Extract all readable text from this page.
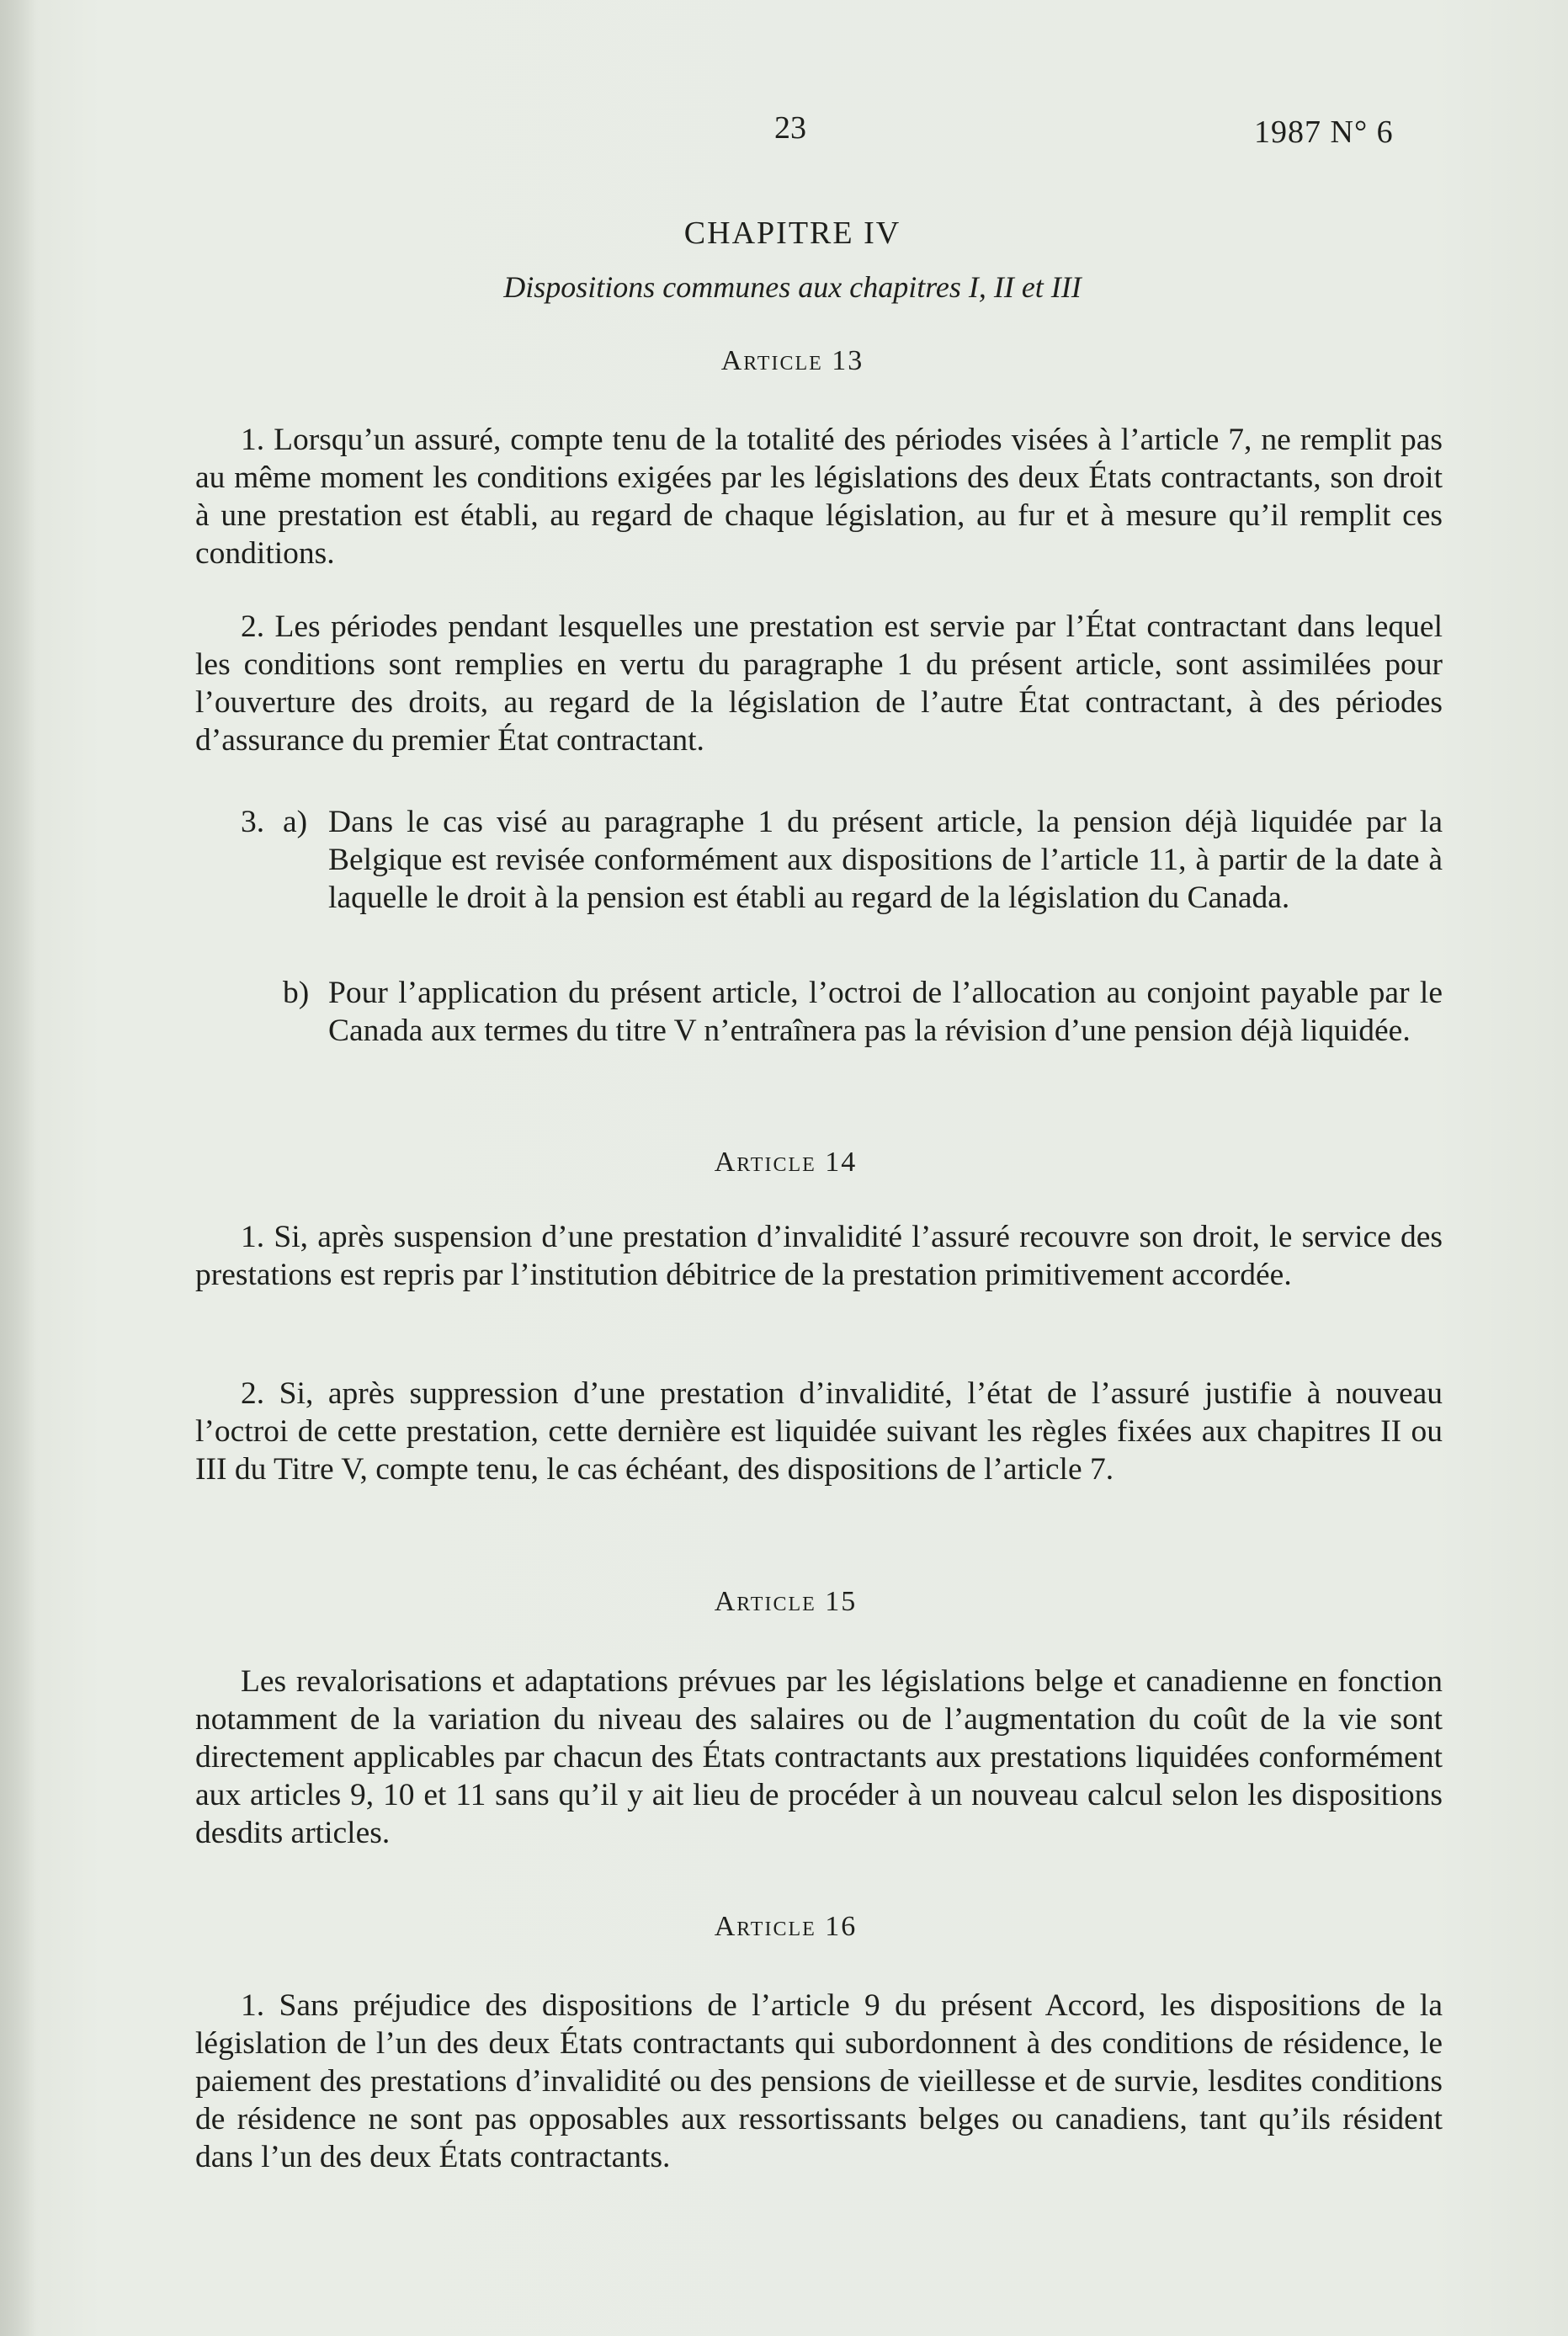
23	1987 N° 6
CHAPITRE IV
Dispositions communes aux chapitres I, II et III
Article 13
1. Lorsqu’un assuré, compte tenu de la totalité des périodes visées à l’article 7, ne remplit pas au même moment les conditions exigées par les législations des deux États contractants, son droit à une prestation est établi, au regard de chaque législation, au fur et à mesure qu’il remplit ces conditions.
2. Les périodes pendant lesquelles une prestation est servie par l’État contractant dans lequel les conditions sont remplies en vertu du paragraphe 1 du présent article, sont assimilées pour l’ouverture des droits, au regard de la législation de l’autre État contractant, à des périodes d’assurance du premier État contractant.
3. a) Dans le cas visé au paragraphe 1 du présent article, la pension déjà liquidée par la Belgique est revisée conformément aux dispositions de l’article 11, à partir de la date à laquelle le droit à la pension est établi au regard de la législation du Canada.
b) Pour l’application du présent article, l’octroi de l’allocation au conjoint payable par le Canada aux termes du titre V n’entraînera pas la révision d’une pension déjà liquidée.
Article 14
1. Si, après suspension d’une prestation d’invalidité l’assuré recouvre son droit, le service des prestations est repris par l’institution débitrice de la prestation primitivement accordée.
2. Si, après suppression d’une prestation d’invalidité, l’état de l’assuré justifie à nouveau l’octroi de cette prestation, cette dernière est liquidée suivant les règles fixées aux chapitres II ou III du Titre V, compte tenu, le cas échéant, des dispositions de l’article 7.
Article 15
Les revalorisations et adaptations prévues par les législations belge et canadienne en fonction notamment de la variation du niveau des salaires ou de l’augmentation du coût de la vie sont directement applicables par chacun des États contractants aux prestations liquidées conformément aux articles 9, 10 et 11 sans qu’il y ait lieu de procéder à un nouveau calcul selon les dispositions desdits articles.
Article 16
1. Sans préjudice des dispositions de l’article 9 du présent Accord, les dispositions de la législation de l’un des deux États contractants qui subordonnent à des conditions de résidence, le paiement des prestations d’invalidité ou des pensions de vieillesse et de survie, lesdites conditions de résidence ne sont pas opposables aux ressortissants belges ou canadiens, tant qu’ils résident dans l’un des deux États contractants.
